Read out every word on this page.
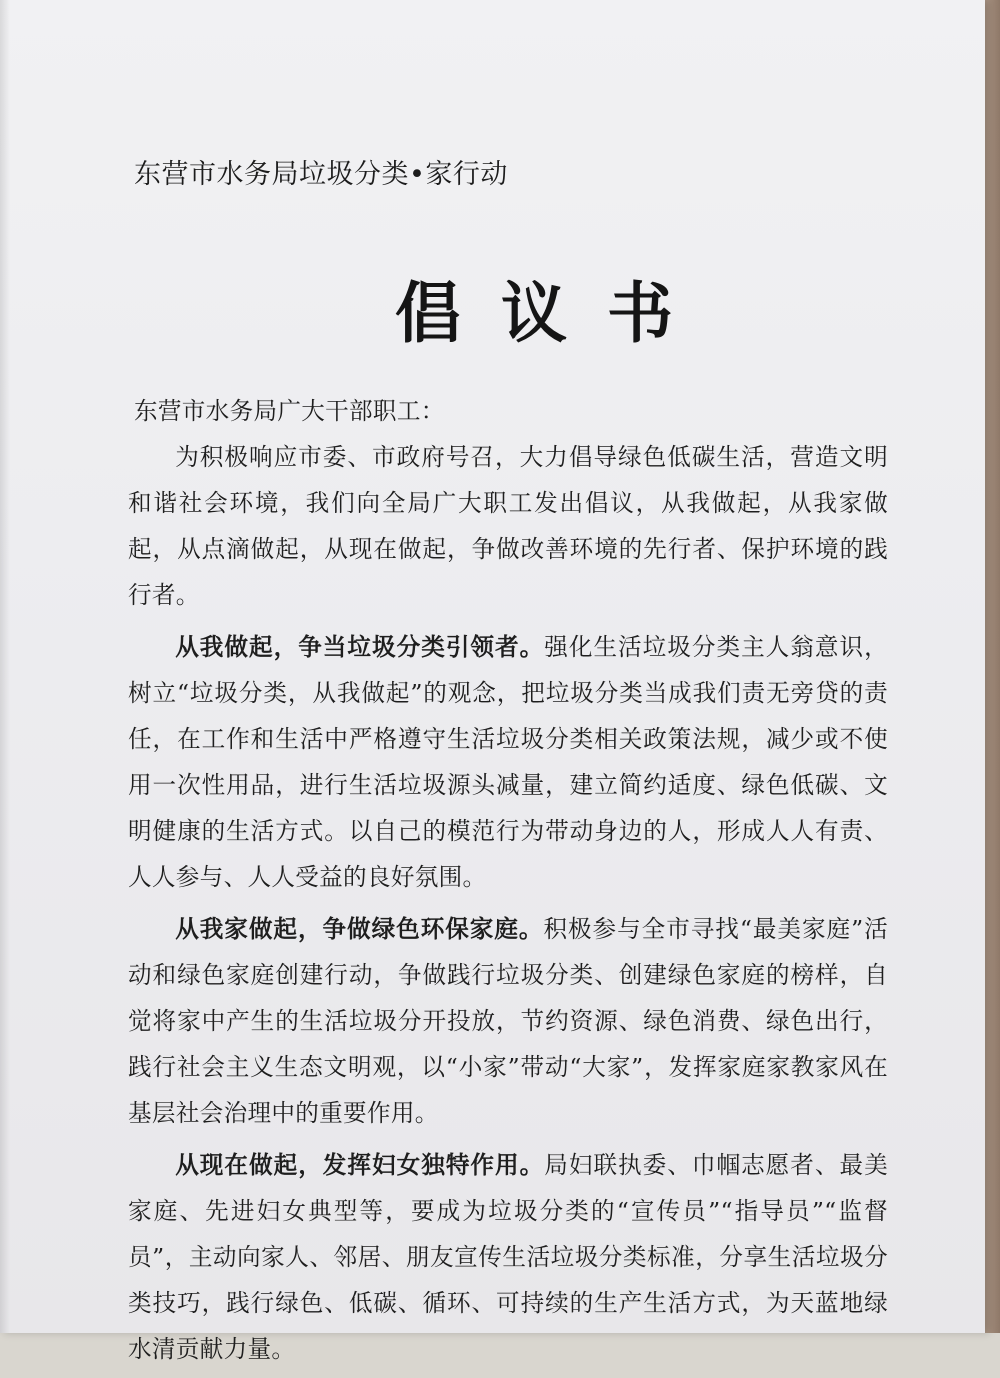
东营市水务局垃圾分类•家行动
倡议书

东营市水务局广大干部职工：

为积极响应市委、市政府号召，大力倡导绿色低碳生活，营造文明和谐社会环境，我们向全局广大职工发出倡议，从我做起，从我家做起，从点滴做起，从现在做起，争做改善环境的先行者、保护环境的践行者。

从我做起，争当垃圾分类引领者。强化生活垃圾分类主人翁意识，树立“垃圾分类，从我做起”的观念，把垃圾分类当成我们责无旁贷的责任，在工作和生活中严格遵守生活垃圾分类相关政策法规，减少或不使用一次性用品，进行生活垃圾源头减量，建立简约适度、绿色低碳、文明健康的生活方式。以自己的模范行为带动身边的人，形成人人有责、人人参与、人人受益的良好氛围。

从我家做起，争做绿色环保家庭。积极参与全市寻找“最美家庭”活动和绿色家庭创建行动，争做践行垃圾分类、创建绿色家庭的榜样，自觉将家中产生的生活垃圾分开投放，节约资源、绿色消费、绿色出行，践行社会主义生态文明观，以“小家”带动“大家”，发挥家庭家教家风在基层社会治理中的重要作用。

从现在做起，发挥妇女独特作用。局妇联执委、巾帼志愿者、最美家庭、先进妇女典型等，要成为垃圾分类的“宣传员”“指导员”“监督员”，主动向家人、邻居、朋友宣传生活垃圾分类标准，分享生活垃圾分类技巧，践行绿色、低碳、循环、可持续的生产生活方式，为天蓝地绿水清贡献力量。
